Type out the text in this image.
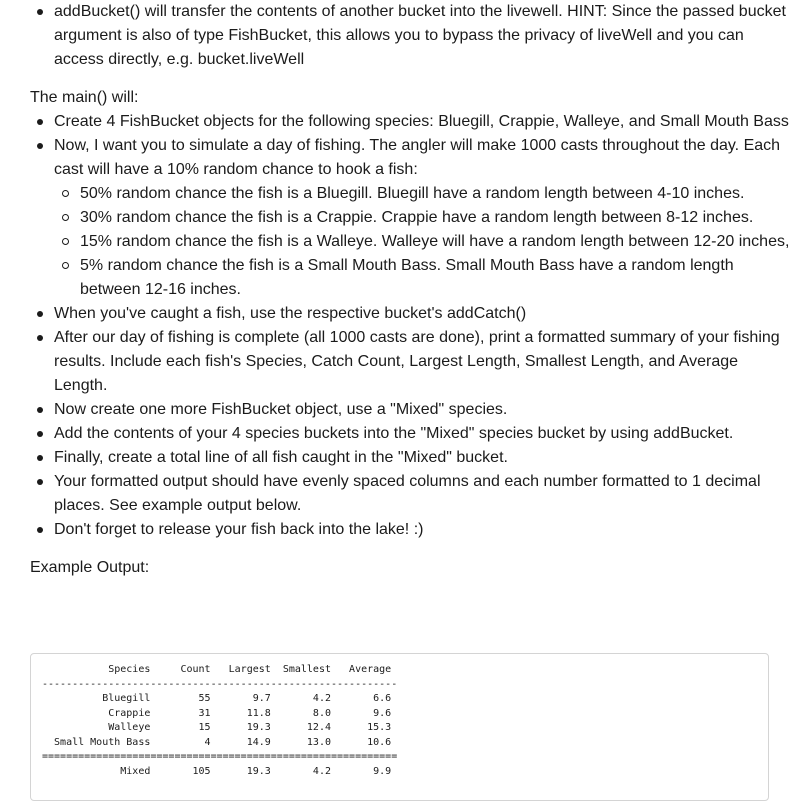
addBucket() will transfer the contents of another bucket into the livewell. HINT: Since the passed bucket argument is also of type FishBucket, this allows you to bypass the privacy of liveWell and you can access directly, e.g. bucket.liveWell
The main() will:
Create 4 FishBucket objects for the following species: Bluegill, Crappie, Walleye, and Small Mouth Bass
Now, I want you to simulate a day of fishing. The angler will make 1000 casts throughout the day. Each cast will have a 10% random chance to hook a fish:
50% random chance the fish is a Bluegill. Bluegill have a random length between 4-10 inches.
30% random chance the fish is a Crappie. Crappie have a random length between 8-12 inches.
15% random chance the fish is a Walleye. Walleye will have a random length between 12-20 inches,
5% random chance the fish is a Small Mouth Bass. Small Mouth Bass have a random length between 12-16 inches.
When you've caught a fish, use the respective bucket's addCatch()
After our day of fishing is complete (all 1000 casts are done), print a formatted summary of your fishing results. Include each fish's Species, Catch Count, Largest Length, Smallest Length, and Average Length.
Now create one more FishBucket object, use a "Mixed" species.
Add the contents of your 4 species buckets into the "Mixed" species bucket by using addBucket.
Finally, create a total line of all fish caught in the "Mixed" bucket.
Your formatted output should have evenly spaced columns and each number formatted to 1 decimal places. See example output below.
Don't forget to release your fish back into the lake! :)
Example Output:
Species     Count   Largest  Smallest   Average
-----------------------------------------------------------
Bluegill        55       9.7       4.2       6.6
Crappie        31      11.8       8.0       9.6
Walleye        15      19.3      12.4      15.3
Small Mouth Bass         4      14.9      13.0      10.6
===========================================================
Mixed       105      19.3       4.2       9.9
